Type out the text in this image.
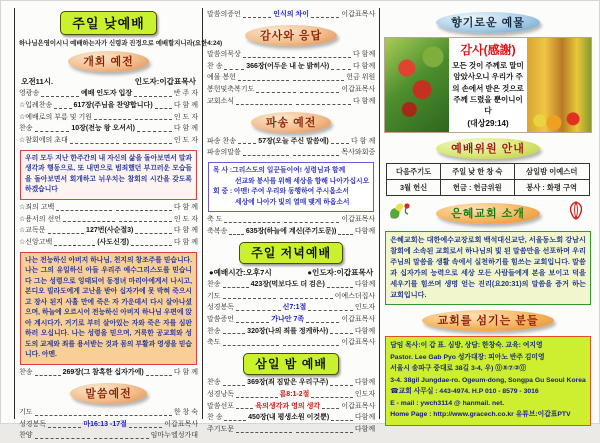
주일 낮예배
하나님은영이시니 예배하는자가 신령과 진정으로 예배할지니라(요한4:24)
개회 예전
오전11시.	인도자:이갑표목사
영광송	예배 인도자 입장	반 주 자
☆입례찬송	617장(주님을 찬양합니다)	다 함 께
☆예배로의 부름 및 기원	인 도 자
찬송	10장(전능 왕 오셔서)	다 함 께
☆참회에의 초대	인 도 자
우리 모두 지난 한주간의 내 자신의 삶을 돌아보면서 말과 생각과 행동으로, 또 내면으로 범죄했던 부끄러운 모습들을 돌아보면서 회개하고 뉘우치는 참회의 시간을 갖도록 하겠습니다
☆죄의 고백	다 함 께
☆용서의 선언	인 도 자
☆교독문	127번(사순절3)	다 함 께
☆신앙고백	(사도신경)	다 함 께
나는 전능하신 아버지 하나님, 천지의 창조주를 믿습니다. 나는 그의 유일하신 아들 우리주 예수그리스도를 믿습니다 그는 성령으로 잉태되어 동정녀 마리아에게서 나시고, 본디오 빌라도에게 고난을 받아 십자가에 못 박혀 죽으시고 장사 된지 사흘 만에 죽은 자 가운데서 다시 살아나셨으며, 하늘에 오르시어 전능하신 아버지 하나님 우편에 앉아 계시다가, 거기로 부터 살아있는 자와 죽은 자를 심판하러 오십니다. 나는 성령을 믿으며, 거룩한 공교회와 성도의 교제와 죄를 용서받는 것과 몸의 부활과 영생을 믿습니다. 아멘.
찬송	269장(그 참혹한 십자가에)	다 함 께
말씀예전
기도	한 창 숙
성경봉독	마16:13 -17절	이갑표목사
찬양	임마누엘성가대
말씀의증언	인식의 차이	이갑표목사
감사와 응답
말씀의묵상	다 함께
찬 송	366장(어두운 내 눈 밝히사)	다 함께
예물 봉헌	헌금 위원
봉헌및축복기도	이갑표목사
교회소식	다 함께
파송 예전
파송 찬송	57장(오늘 주신 말씀에)	다 함 께
파송의말씀	목사와회중
목 사 :그리스도의 일꾼들이여! 성령님과 함께
선교와 봉사를 위해 세상을 향해 나아가십시오
회 중 : 아멘! 주여 우리와 동행하여 주시옵소서
세상에 나아가 빛의 열매 맺게 하옵소서
축 도	이갑표목사
축복송	635장(하늘에 계신(주기도문))	다함께
주일 저녁예배
●예배시간:오후7시	●인도자:이갑표목사
찬송	423장(먹보다도 더 검은)	다함께
기도	이예스더집사
성경봉독	신7:1절	인도자
말씀증언	가나안 7족	이갑표목사
찬송	320장(나의 죄를 정케하사)	다함께
축도	이갑표목사
삼일 밤 예배
찬송	369장(죄 짐맡은 우리구주)	다함께
성경낭독	롬8:1-2절	인도자
말씀선포	육의생각과 영의 생각	이갑표목사
찬 송	450장(내 평생소원 이것뿐)	다함께
주기도문	다함께
향기로운 예물
감사(感謝)
모든 것이 주께로 말미암았사오니 우리가 주의 손에서 받은 것으로 주께 드렸을 뿐이니이다
(대상29:14)
예배위원 안내
다음주기도	주일 낮 한 창 숙	삼일밤 이예스더
3월 헌신	헌금 : 헌금위원	봉사 : 화평 구역
은혜교회 소개
은혜교회는 대한예수교장로회 백석대신교단, 서울동노회 강남시찰회에 소속된 교회로서 하나님의 빛 된 말씀만을 선포하며 우리 주님의 말씀을 생활 속에서 실천하기를 힘쓰는 교회입니다. 말씀과 십자가의 능력으로 세상 모든 사람들에게 본을 보이고 덕을 세우기를 힘쓰며 생명 얻는 진리(요20:31)의 말씀을 증거 하는 교회입니다.
교회를 섬기는 분들
담임 목사:이 갑 표. 심방, 상담: 한창숙. 교육: 여지영
Pastor. Lee Gab Pyo 성가대장: 피아노 반주 김미영
서울시 송파구 중대로 38길 3-4, 우) ⓪⑤⑦②⓪
3-4. 38gil Jungdae-ro. Ogeum-dong, Songpa Gu Seoul Korea
☎교회 사무실 : 443-4974. H.P 010 - 8579 - 3016
E - mail : ywch3114 @ hanmail. net.
Home Page : http://www.gracech.co.kr 유튜브:이갑표PTV
